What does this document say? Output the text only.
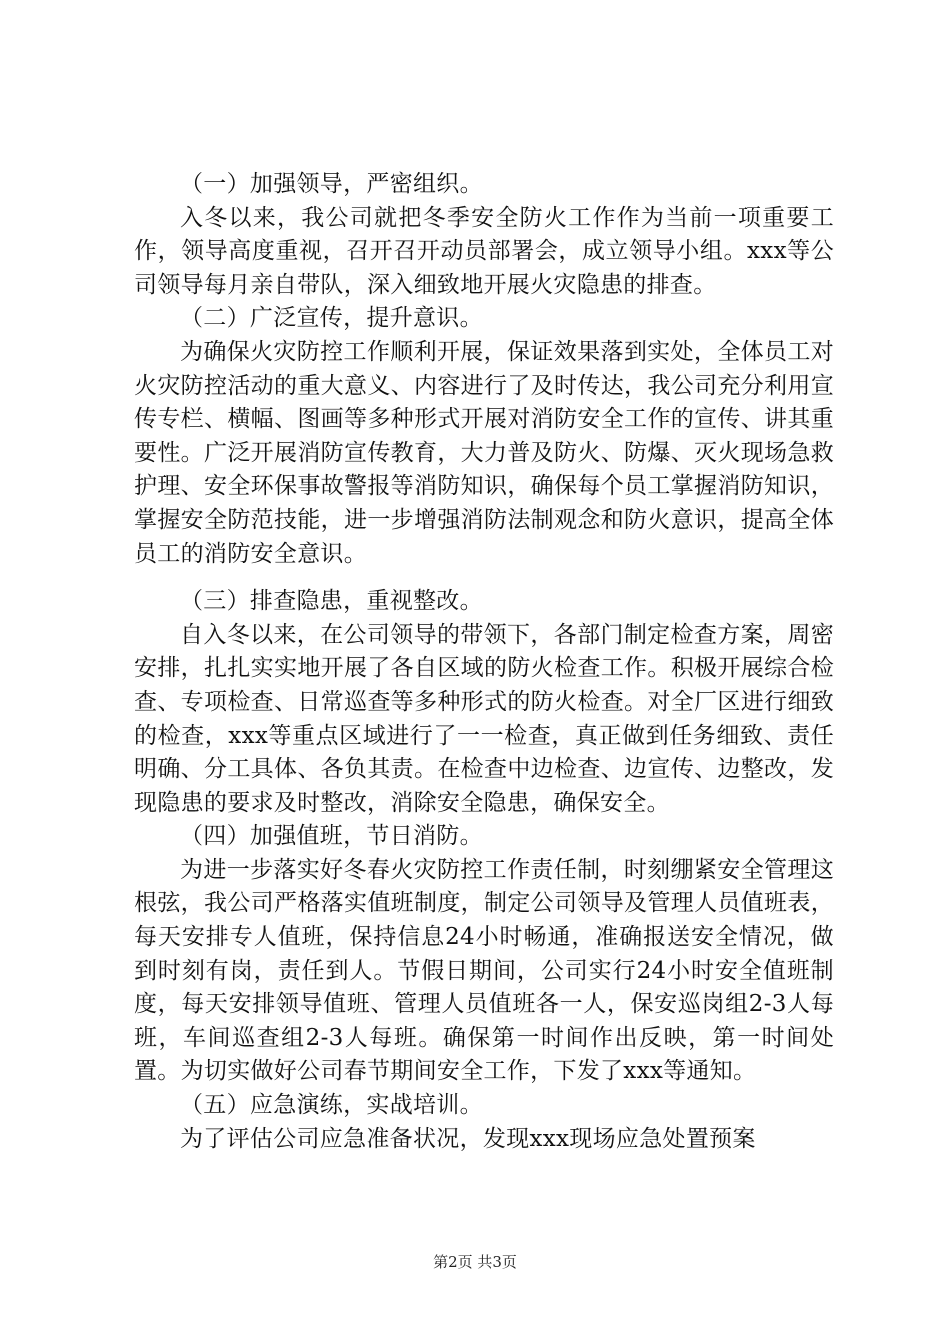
（一）加强领导，严密组织。

入冬以来，我公司就把冬季安全防火工作作为当前一项重要工作，领导高度重视，召开召开动员部署会，成立领导小组。xxx等公司领导每月亲自带队，深入细致地开展火灾隐患的排查。

（二）广泛宣传，提升意识。

为确保火灾防控工作顺利开展，保证效果落到实处，全体员工对火灾防控活动的重大意义、内容进行了及时传达，我公司充分利用宣传专栏、横幅、图画等多种形式开展对消防安全工作的宣传、讲其重要性。广泛开展消防宣传教育，大力普及防火、防爆、灭火现场急救护理、安全环保事故警报等消防知识，确保每个员工掌握消防知识，掌握安全防范技能，进一步增强消防法制观念和防火意识，提高全体员工的消防安全意识。

（三）排查隐患，重视整改。

自入冬以来，在公司领导的带领下，各部门制定检查方案，周密安排，扎扎实实地开展了各自区域的防火检查工作。积极开展综合检查、专项检查、日常巡查等多种形式的防火检查。对全厂区进行细致的检查，xxx等重点区域进行了一一检查，真正做到任务细致、责任明确、分工具体、各负其责。在检查中边检查、边宣传、边整改，发现隐患的要求及时整改，消除安全隐患，确保安全。

（四）加强值班，节日消防。

为进一步落实好冬春火灾防控工作责任制，时刻绷紧安全管理这根弦，我公司严格落实值班制度，制定公司领导及管理人员值班表，每天安排专人值班，保持信息24小时畅通，准确报送安全情况，做到时刻有岗，责任到人。节假日期间，公司实行24小时安全值班制度，每天安排领导值班、管理人员值班各一人，保安巡岗组2-3人每班，车间巡查组2-3人每班。确保第一时间作出反映，第一时间处置。为切实做好公司春节期间安全工作，下发了xxx等通知。

（五）应急演练，实战培训。

为了评估公司应急准备状况，发现xxx现场应急处置预案

第2页 共3页
